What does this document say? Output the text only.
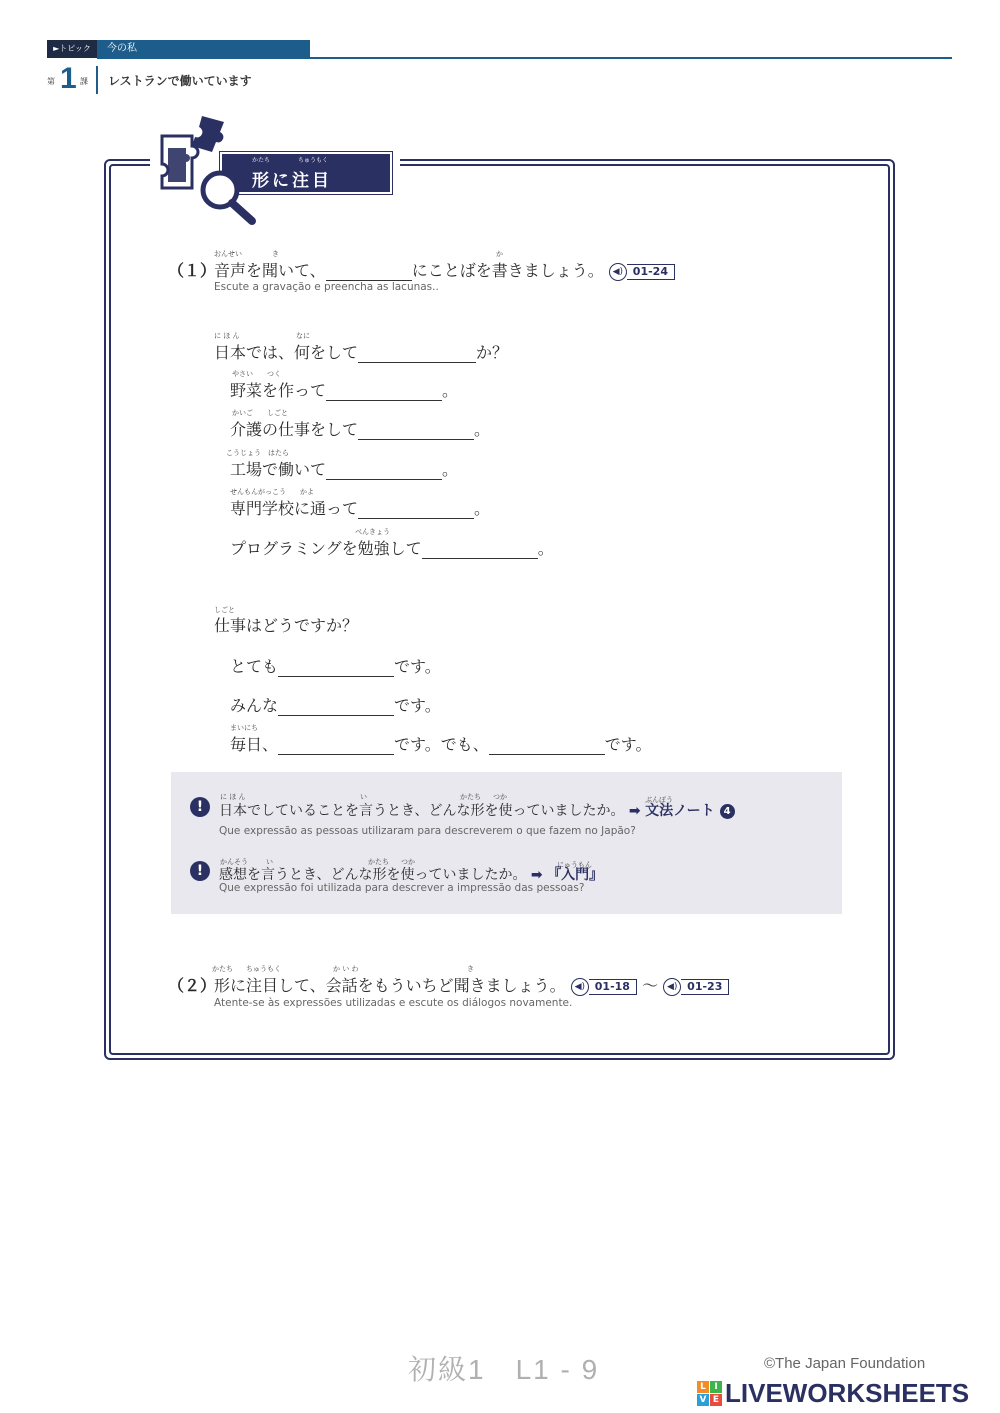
►トピック	今の私
第 1 課 レストランで働いています
かたち	ちゅうもく
形に注目
おんせい	き	か
（１）
音声を聞いて、	にことばを書きましょう。 ◀) 01-24
Escute a gravação e preencha as lacunas..
に ほ ん	なに
日本では、何をして	か？
やさい　　つく
野菜を作って	。
かいご　　しごと
介護の仕事をして	。
こうじょう　はたら
工場で働いて	。
せんもんがっこう　　かよ
専門学校に通って	。
べんきょう
プログラミングを勉強して	。
しごと
仕事はどうですか？
とても	です。
みんな	です。
まいにち
毎日、	です。でも、	です。
!
に ほ ん	い	かたち つか	ぶんぽう
日本でしていることを言うとき、どんな形を使っていましたか。 ➡ 文法ノート 4
Que expressão as pessoas utilizaram para descreverem o que fazem no Japão?
!
かんそう	い	かたち つか	にゅうもん
感想を言うとき、どんな形を使っていましたか。 ➡ 『入門』
Que expressão foi utilizada para descrever a impressão das pessoas?
かたち ちゅうもく	か い わ	き
（２）
形に注目して、会話をもういちど聞きましょう。 ◀) 01-18 ～ ◀) 01-23
Atente-se às expressões utilizadas e escute os diálogos novamente.
初級1　L1 - 9	©The Japan Foundation
L I
V E LIVEWORKSHEETS
